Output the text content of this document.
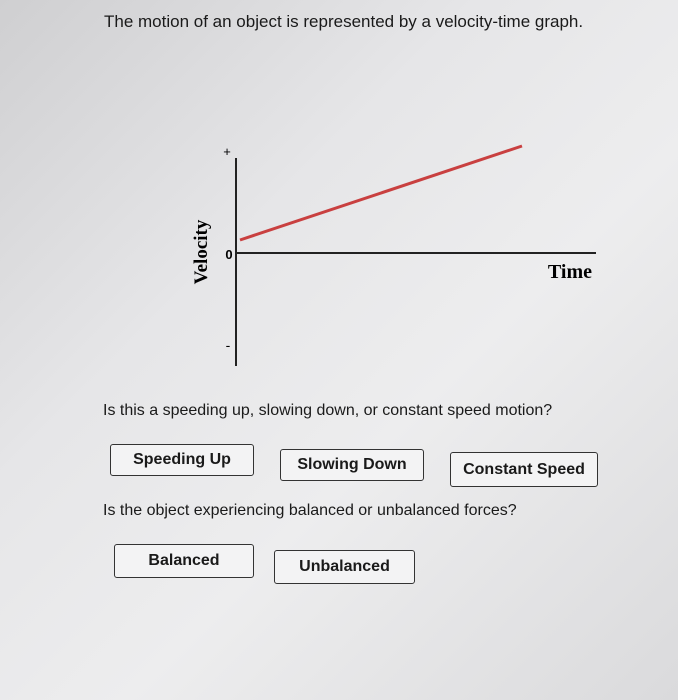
The motion of an object is represented by a velocity-time graph.
+
0
-
Velocity	Time
Is this a speeding up, slowing down, or constant speed motion?
Speeding Up	Slowing Down	Constant Speed
Is the object experiencing balanced or unbalanced forces?
Balanced	Unbalanced
